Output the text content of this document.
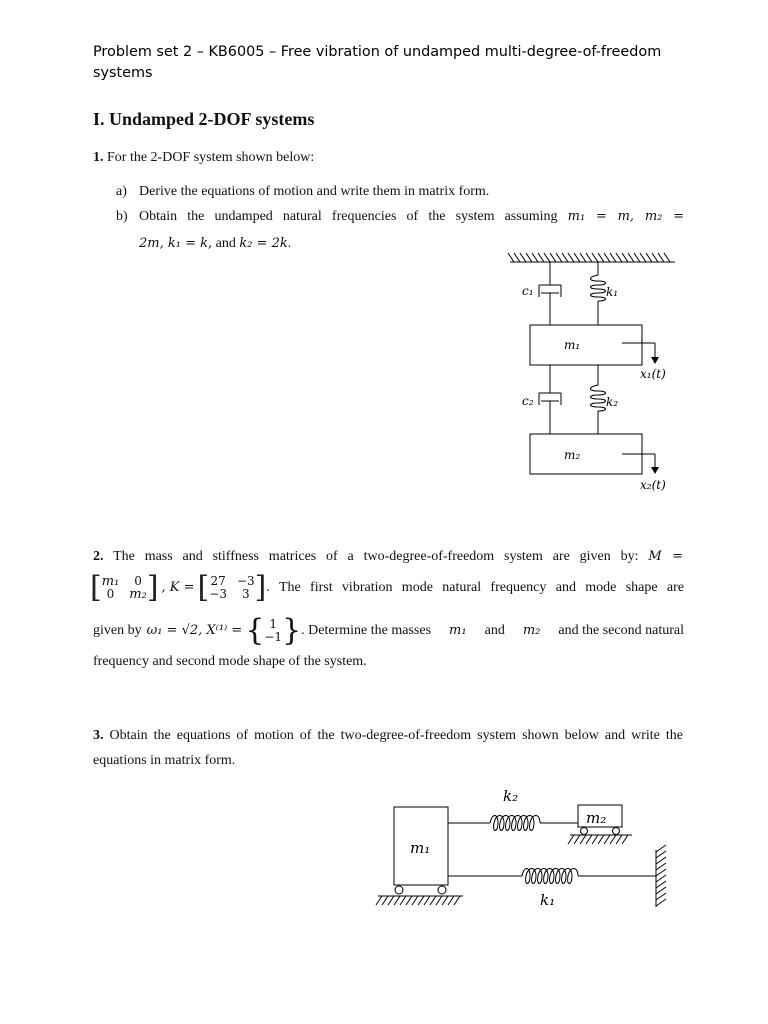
Problem set 2 – KB6005 – Free vibration of undamped multi-degree-of-freedom systems
I. Undamped 2-DOF systems
1. For the 2-DOF system shown below:
a) Derive the equations of motion and write them in matrix form.
b) Obtain the undamped natural frequencies of the system assuming m₁ = m, m₂ =
2m, k₁ = k, and k₂ = 2k.
c₁	k₁
m₁
x₁(t)
c₂	k₂
m₂
x₂(t)
2. The mass and stiffness matrices of a two-degree-of-freedom system are given by: M =
[ m₁	0
0	m₂ ] , K = [ 27 −3
−3	3 ] . The first vibration mode natural frequency and mode shape are
given by ω₁ = √2, X⁽¹⁾ = { 1
−1 } . Determine the masses m₁ and m₂ and the second natural
frequency and second mode shape of the system.
3. Obtain the equations of motion of the two-degree-of-freedom system shown below and write the equations in matrix form.
k₂
m₂
m₁
k₁
